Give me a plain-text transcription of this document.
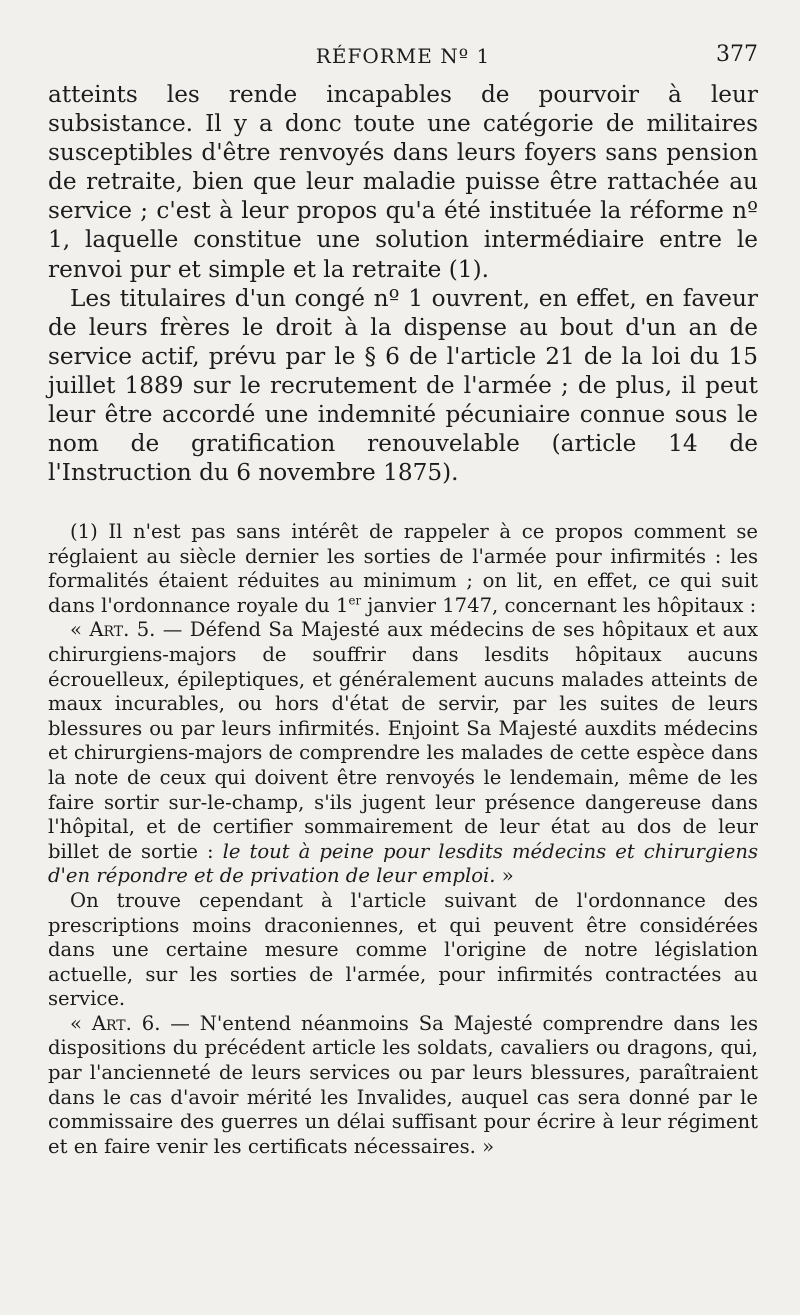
RÉFORME Nº 1	377

atteints les rende incapables de pourvoir à leur subsistance. Il y a donc toute une catégorie de militaires susceptibles d'être renvoyés dans leurs foyers sans pension de retraite, bien que leur maladie puisse être rattachée au service ; c'est à leur propos qu'a été instituée la réforme nº 1, laquelle constitue une solution intermédiaire entre le renvoi pur et simple et la retraite (1).

Les titulaires d'un congé nº 1 ouvrent, en effet, en faveur de leurs frères le droit à la dispense au bout d'un an de service actif, prévu par le § 6 de l'article 21 de la loi du 15 juillet 1889 sur le recrutement de l'armée ; de plus, il peut leur être accordé une indemnité pécuniaire connue sous le nom de gratification renouvelable (article 14 de l'Instruction du 6 novembre 1875).

(1) Il n'est pas sans intérêt de rappeler à ce propos comment se réglaient au siècle dernier les sorties de l'armée pour infirmités : les formalités étaient réduites au minimum ; on lit, en effet, ce qui suit dans l'ordonnance royale du 1er janvier 1747, concernant les hôpitaux :

« Art. 5. — Défend Sa Majesté aux médecins de ses hôpitaux et aux chirurgiens-majors de souffrir dans lesdits hôpitaux aucuns écrouelleux, épileptiques, et généralement aucuns malades atteints de maux incurables, ou hors d'état de servir, par les suites de leurs blessures ou par leurs infirmités. Enjoint Sa Majesté auxdits médecins et chirurgiens-majors de comprendre les malades de cette espèce dans la note de ceux qui doivent être renvoyés le lendemain, même de les faire sortir sur-le-champ, s'ils jugent leur présence dangereuse dans l'hôpital, et de certifier sommairement de leur état au dos de leur billet de sortie : le tout à peine pour lesdits médecins et chirurgiens d'en répondre et de privation de leur emploi. »

On trouve cependant à l'article suivant de l'ordonnance des prescriptions moins draconiennes, et qui peuvent être considérées dans une certaine mesure comme l'origine de notre législation actuelle, sur les sorties de l'armée, pour infirmités contractées au service.

« Art. 6. — N'entend néanmoins Sa Majesté comprendre dans les dispositions du précédent article les soldats, cavaliers ou dragons, qui, par l'ancienneté de leurs services ou par leurs blessures, paraîtraient dans le cas d'avoir mérité les Invalides, auquel cas sera donné par le commissaire des guerres un délai suffisant pour écrire à leur régiment et en faire venir les certificats nécessaires. »
